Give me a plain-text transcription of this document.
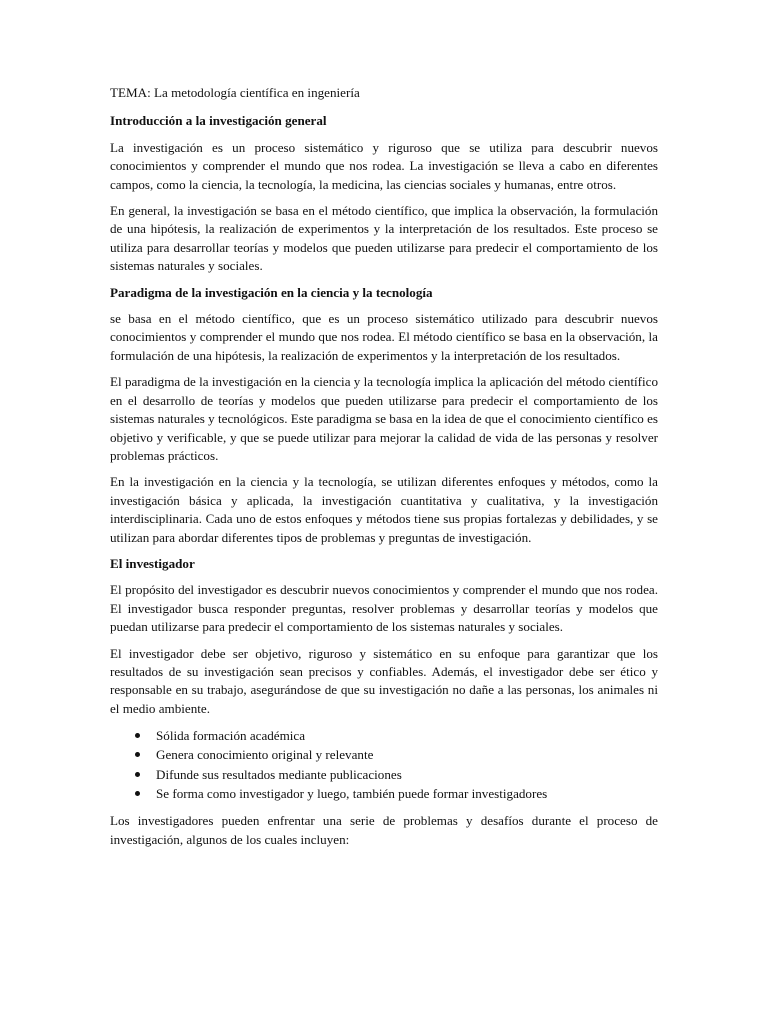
TEMA: La metodología científica en ingeniería
Introducción a la investigación general

La investigación es un proceso sistemático y riguroso que se utiliza para descubrir nuevos conocimientos y comprender el mundo que nos rodea. La investigación se lleva a cabo en diferentes campos, como la ciencia, la tecnología, la medicina, las ciencias sociales y humanas, entre otros.

En general, la investigación se basa en el método científico, que implica la observación, la formulación de una hipótesis, la realización de experimentos y la interpretación de los resultados. Este proceso se utiliza para desarrollar teorías y modelos que pueden utilizarse para predecir el comportamiento de los sistemas naturales y sociales.

Paradigma de la investigación en la ciencia y la tecnología

se basa en el método científico, que es un proceso sistemático utilizado para descubrir nuevos conocimientos y comprender el mundo que nos rodea. El método científico se basa en la observación, la formulación de una hipótesis, la realización de experimentos y la interpretación de los resultados.

El paradigma de la investigación en la ciencia y la tecnología implica la aplicación del método científico en el desarrollo de teorías y modelos que pueden utilizarse para predecir el comportamiento de los sistemas naturales y tecnológicos. Este paradigma se basa en la idea de que el conocimiento científico es objetivo y verificable, y que se puede utilizar para mejorar la calidad de vida de las personas y resolver problemas prácticos.

En la investigación en la ciencia y la tecnología, se utilizan diferentes enfoques y métodos, como la investigación básica y aplicada, la investigación cuantitativa y cualitativa, y la investigación interdisciplinaria. Cada uno de estos enfoques y métodos tiene sus propias fortalezas y debilidades, y se utilizan para abordar diferentes tipos de problemas y preguntas de investigación.

El investigador

El propósito del investigador es descubrir nuevos conocimientos y comprender el mundo que nos rodea. El investigador busca responder preguntas, resolver problemas y desarrollar teorías y modelos que puedan utilizarse para predecir el comportamiento de los sistemas naturales y sociales.

El investigador debe ser objetivo, riguroso y sistemático en su enfoque para garantizar que los resultados de su investigación sean precisos y confiables. Además, el investigador debe ser ético y responsable en su trabajo, asegurándose de que su investigación no dañe a las personas, los animales ni el medio ambiente.

Sólida formación académica
Genera conocimiento original y relevante
Difunde sus resultados mediante publicaciones
Se forma como investigador y luego, también puede formar investigadores

Los investigadores pueden enfrentar una serie de problemas y desafíos durante el proceso de investigación, algunos de los cuales incluyen:
